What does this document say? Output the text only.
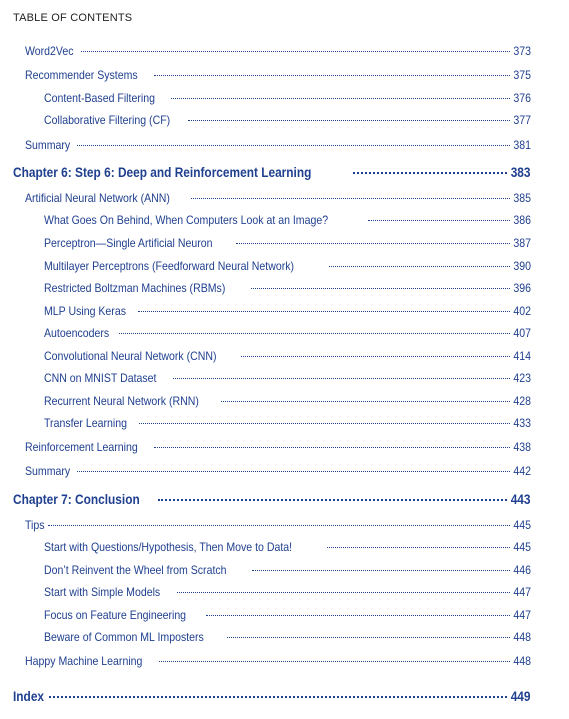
TABLE OF CONTENTS
Word2Vec	373
Recommender Systems	375
Content-Based Filtering	376
Collaborative Filtering (CF)	377
Summary	381
Chapter 6: Step 6: Deep and Reinforcement Learning	383
Artificial Neural Network (ANN)	385
What Goes On Behind, When Computers Look at an Image?	386
Perceptron—Single Artificial Neuron	387
Multilayer Perceptrons (Feedforward Neural Network)	390
Restricted Boltzman Machines (RBMs)	396
MLP Using Keras	402
Autoencoders	407
Convolutional Neural Network (CNN)	414
CNN on MNIST Dataset	423
Recurrent Neural Network (RNN)	428
Transfer Learning	433
Reinforcement Learning	438
Summary	442
Chapter 7: Conclusion	443
Tips	445
Start with Questions/Hypothesis, Then Move to Data!	445
Don’t Reinvent the Wheel from Scratch	446
Start with Simple Models	447
Focus on Feature Engineering	447
Beware of Common ML Imposters	448
Happy Machine Learning	448
Index	449
